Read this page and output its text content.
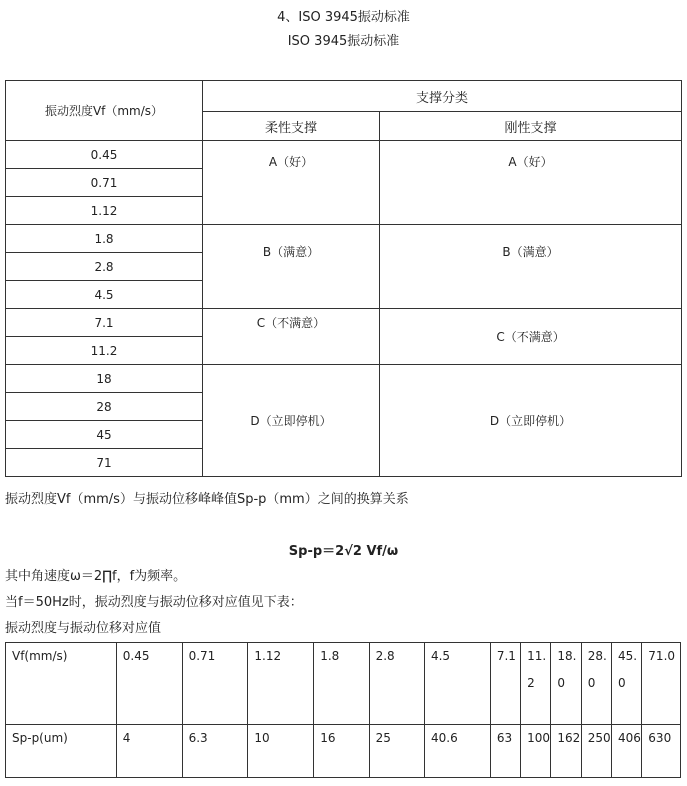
4、ISO 3945振动标准
ISO 3945振动标准
振动烈度Vf（mm/s）	支撑分类	
	柔性支撑	刚性支撑
0.45	A（好）	A（好）
0.71		
1.12		
1.8	B（满意）	B（满意）
2.8		
4.5		
7.1	C（不满意）	C（不满意）
11.2		
18	D（立即停机）	D（立即停机）
28		
45		
71		
振动烈度Vf（mm/s）与振动位移峰峰值Sp-p（mm）之间的换算关系
Sp-p＝2√2 Vf/ω
其中角速度ω＝2∏f，f为频率。
当f＝50Hz时，振动烈度与振动位移对应值见下表：
振动烈度与振动位移对应值
Vf(mm/s)	0.45	0.71	1.12	1.8	2.8	4.5	7.1	11.2	18.0	28.0	45.0	71.0
Sp-p(um)	4	6.3	10	16	25	40.6	63	100	162	250	406	630
